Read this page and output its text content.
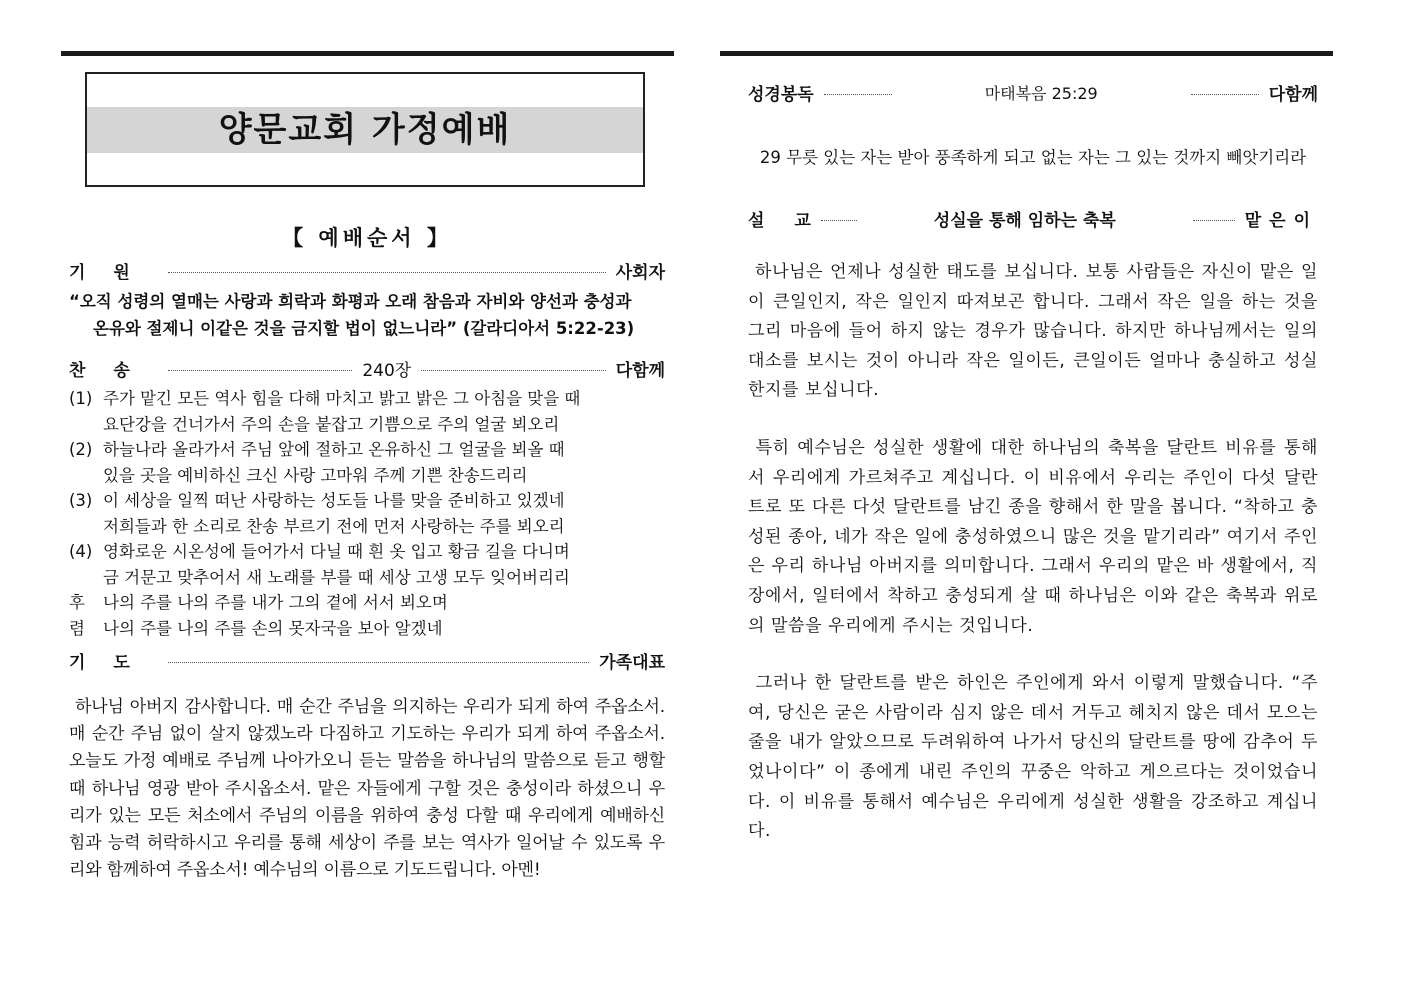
양문교회 가정예배
【 예배순서 】
기원	사회자
“오직 성령의 열매는 사랑과 희락과 화평과 오래 참음과 자비와 양선과 충성과
온유와 절제니 이같은 것을 금지할 법이 없느니라” (갈라디아서 5:22-23)
찬송	240장	다함께
(1) 주가 맡긴 모든 역사 힘을 다해 마치고 밝고 밝은 그 아침을 맞을 때
요단강을 건너가서 주의 손을 붙잡고 기쁨으로 주의 얼굴 뵈오리
(2) 하늘나라 올라가서 주님 앞에 절하고 온유하신 그 얼굴을 뵈올 때
있을 곳을 예비하신 크신 사랑 고마워 주께 기쁜 찬송드리리
(3) 이 세상을 일찍 떠난 사랑하는 성도들 나를 맞을 준비하고 있겠네
저희들과 한 소리로 찬송 부르기 전에 먼저 사랑하는 주를 뵈오리
(4) 영화로운 시온성에 들어가서 다닐 때 흰 옷 입고 황금 길을 다니며
금 거문고 맞추어서 새 노래를 부를 때 세상 고생 모두 잊어버리리
후	나의 주를 나의 주를 내가 그의 곁에 서서 뵈오며
렴	나의 주를 나의 주를 손의 못자국을 보아 알겠네
기도	가족대표
하나님 아버지 감사합니다. 매 순간 주님을 의지하는 우리가 되게 하여 주옵소서. 매 순간 주님 없이 살지 않겠노라 다짐하고 기도하는 우리가 되게 하여 주옵소서. 오늘도 가정 예배로 주님께 나아가오니 듣는 말씀을 하나님의 말씀으로 듣고 행할 때 하나님 영광 받아 주시옵소서. 맡은 자들에게 구할 것은 충성이라 하셨으니 우리가 있는 모든 처소에서 주님의 이름을 위하여 충성 다할 때 우리에게 예배하신 힘과 능력 허락하시고 우리를 통해 세상이 주를 보는 역사가 일어날 수 있도록 우리와 함께하여 주옵소서! 예수님의 이름으로 기도드립니다. 아멘!
성경봉독	마태복음 25:29	다함께
29 무릇 있는 자는 받아 풍족하게 되고 없는 자는 그 있는 것까지 빼앗기리라
설교	성실을 통해 임하는 축복	맡은이

하나님은 언제나 성실한 태도를 보십니다. 보통 사람들은 자신이 맡은 일이 큰일인지, 작은 일인지 따져보곤 합니다. 그래서 작은 일을 하는 것을 그리 마음에 들어 하지 않는 경우가 많습니다. 하지만 하나님께서는 일의 대소를 보시는 것이 아니라 작은 일이든, 큰일이든 얼마나 충실하고 성실한지를 보십니다.

특히 예수님은 성실한 생활에 대한 하나님의 축복을 달란트 비유를 통해서 우리에게 가르쳐주고 계십니다. 이 비유에서 우리는 주인이 다섯 달란트로 또 다른 다섯 달란트를 남긴 종을 향해서 한 말을 봅니다. “착하고 충성된 종아, 네가 작은 일에 충성하였으니 많은 것을 맡기리라” 여기서 주인은 우리 하나님 아버지를 의미합니다. 그래서 우리의 맡은 바 생활에서, 직장에서, 일터에서 착하고 충성되게 살 때 하나님은 이와 같은 축복과 위로의 말씀을 우리에게 주시는 것입니다.

그러나 한 달란트를 받은 하인은 주인에게 와서 이렇게 말했습니다. “주여, 당신은 굳은 사람이라 심지 않은 데서 거두고 헤치지 않은 데서 모으는 줄을 내가 알았으므로 두려워하여 나가서 당신의 달란트를 땅에 감추어 두었나이다” 이 종에게 내린 주인의 꾸중은 악하고 게으르다는 것이었습니다. 이 비유를 통해서 예수님은 우리에게 성실한 생활을 강조하고 계십니다.
